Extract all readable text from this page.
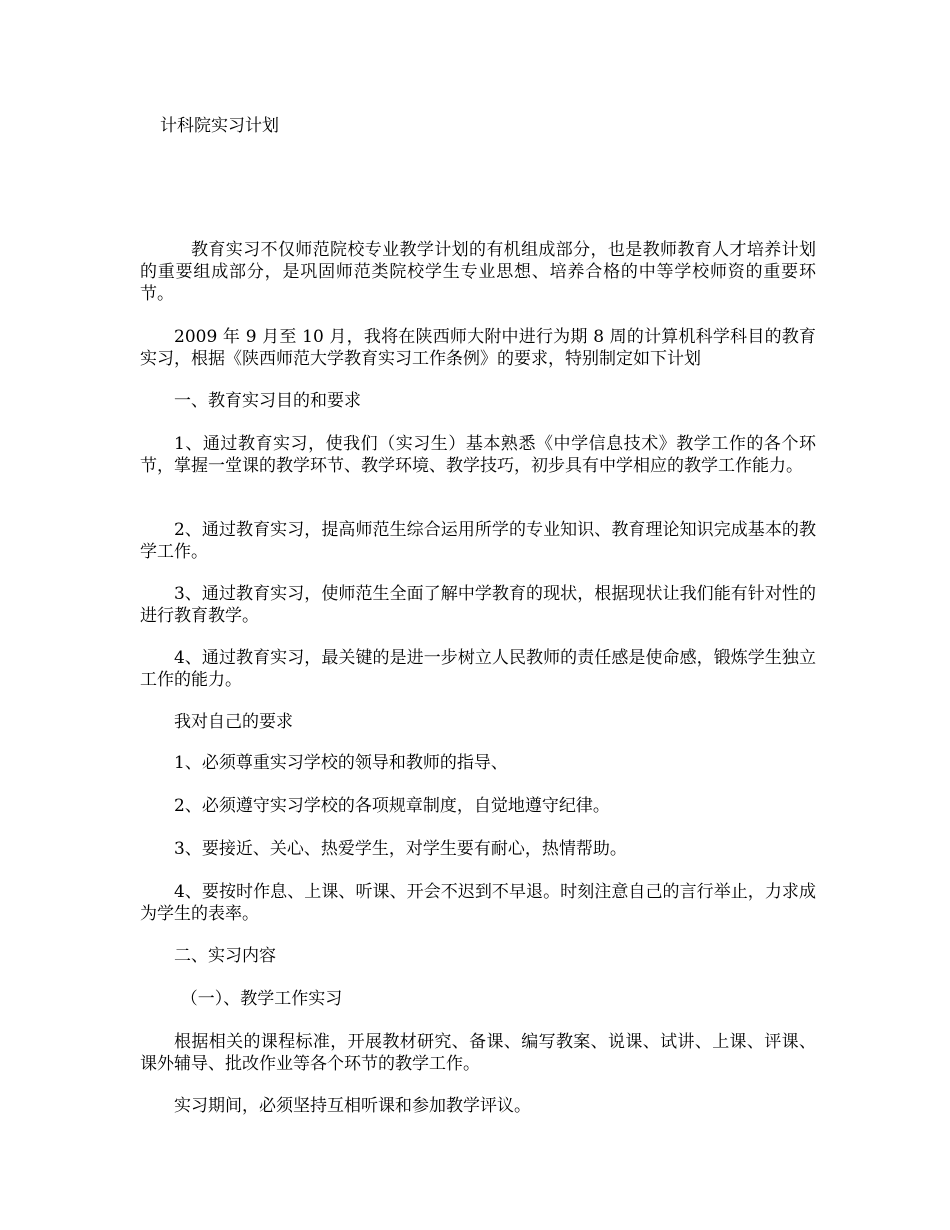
计科院实习计划

教育实习不仅师范院校专业教学计划的有机组成部分，也是教师教育人才培养计划的重要组成部分，是巩固师范类院校学生专业思想、培养合格的中等学校师资的重要环节。

2009 年 9 月至 10 月，我将在陕西师大附中进行为期 8 周的计算机科学科目的教育实习，根据《陕西师范大学教育实习工作条例》的要求，特别制定如下计划

一、教育实习目的和要求

1、通过教育实习，使我们（实习生）基本熟悉《中学信息技术》教学工作的各个环节，掌握一堂课的教学环节、教学环境、教学技巧，初步具有中学相应的教学工作能力。

2、通过教育实习，提高师范生综合运用所学的专业知识、教育理论知识完成基本的教学工作。

3、通过教育实习，使师范生全面了解中学教育的现状，根据现状让我们能有针对性的进行教育教学。

4、通过教育实习，最关键的是进一步树立人民教师的责任感是使命感，锻炼学生独立工作的能力。

我对自己的要求

1、必须尊重实习学校的领导和教师的指导、

2、必须遵守实习学校的各项规章制度，自觉地遵守纪律。

3、要接近、关心、热爱学生，对学生要有耐心，热情帮助。

4、要按时作息、上课、听课、开会不迟到不早退。时刻注意自己的言行举止，力求成为学生的表率。

二、实习内容

（一）、教学工作实习

根据相关的课程标准，开展教材研究、备课、编写教案、说课、试讲、上课、评课、课外辅导、批改作业等各个环节的教学工作。

实习期间，必须坚持互相听课和参加教学评议。
